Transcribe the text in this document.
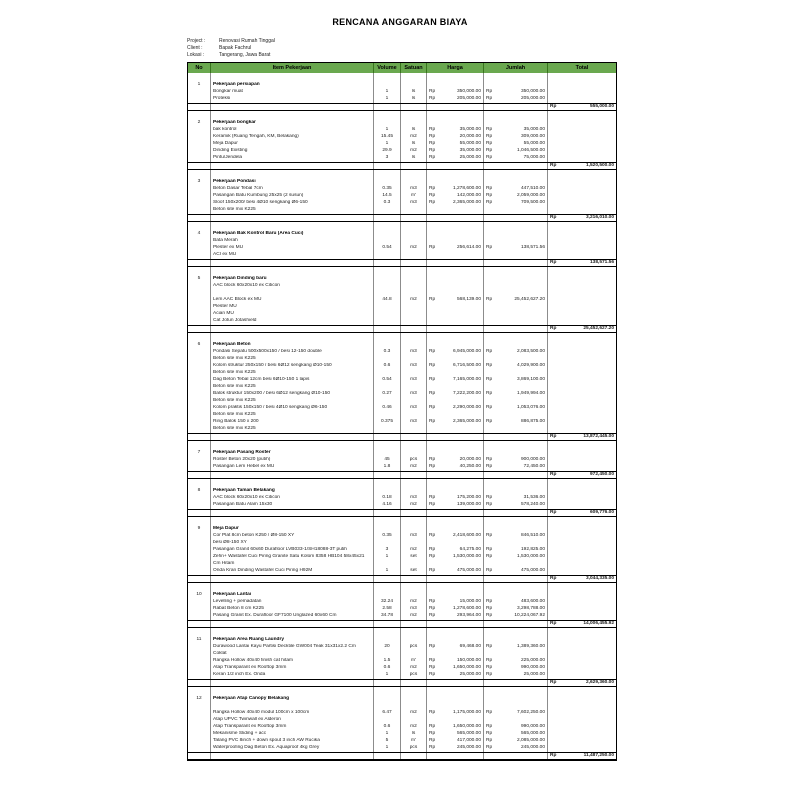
RENCANA ANGGARAN BIAYA
Project :	Renovasi Rumah Tinggal
Client :	Bapak Fachrul
Lokasi :	Tangerang, Jawa Barat
No	Item Pekerjaan	Volume	Satuan	Harga	Jumlah	Total
1	Pekerjaan persiapan
Bongkar muat	1	ls	Rp	350,000.00 Rp	350,000.00
Proteksi	1	ls	Rp	205,000.00 Rp	205,000.00
Rp	555,000.00
2	Pekerjaan bongkar
bak kontrol	1	ls	Rp	35,000.00 Rp	35,000.00
Keramik (Ruang Tengah, KM, Belakang)	15.45	m2	Rp	20,000.00 Rp	309,000.00
Meja Dapur	1	ls	Rp	55,000.00 Rp	55,000.00
Dinding Existing	29.9	m2	Rp	35,000.00 Rp	1,046,500.00
Pintu/Jendela	3	ls	Rp	25,000.00 Rp	75,000.00
Rp	1,520,500.00
3	Pekerjaan Pondasi
Beton Dasar Tebal 7cm	0.35	m3	Rp	1,278,600.00 Rp	447,510.00
Pasangan Batu Kumbung 25x25 (2 susun)	14.5	m'	Rp	142,000.00 Rp	2,059,000.00
Sloof 150x200/ besi 4Ø10 sengkang Ø6-150	0.3	m3	Rp	2,365,000.00 Rp	709,500.00
Beton site mix K225
Rp	3,216,010.00
4	Pekerjaan Bak Kontrol Baru (Area Cuci)
Bata Merah
Plester ex MU	0.54	m2	Rp	256,614.00 Rp	138,571.56
ACI ex MU
Rp	138,571.56
5	Pekerjaan Dinding baru
AAC block 60x20x10 ex Citicon
Lem AAC Block ex MU	44.8	m2	Rp	568,139.00 Rp	25,452,627.20
Plester MU
Acian MU
Cat Jotun Jotashield
Rp	25,452,627.20
6	Pekerjaan Beton
Pondasi Sepatu 500x500x150 / besi 12-150 double	0.3	m3	Rp	6,945,000.00 Rp	2,083,500.00
Beton site mix K225
Kolom struktur 250x150 / besi 6Ø12 sengkang Ø10-150	0.6	m3	Rp	6,716,500.00 Rp	4,029,900.00
Beton site mix K225
Dag Beton Tebal 12cm besi 6Ø10-150 1 lapis	0.54	m3	Rp	7,165,000.00 Rp	3,869,100.00
Beton site mix K225
Balok struktur 150x200 / besi 6Ø12 sengkang Ø10-150	0.27	m3	Rp	7,222,200.00 Rp	1,949,994.00
Beton site mix K225
Kolom praktis 150x150 / besi 4Ø10 sengkang Ø6-150	0.46	m3	Rp	2,290,000.00 Rp	1,053,076.00
Beton site mix K225
Ring Balok 150 x 200	0.375	m3	Rp	2,365,000.00 Rp	886,875.00
Beton site mix K225
Rp	13,872,445.00
7	Pekerjaan Pasang Roster
Roster Beton 20x20 (putih)	45	pcs	Rp	20,000.00 Rp	900,000.00
Pasangan Lem Hebel ex MU	1.8	m2	Rp	40,250.00 Rp	72,450.00
Rp	972,450.00
8	Pekerjaan Taman Belakang
AAC block 60x20x10 ex Citicon	0.18	m3	Rp	175,200.00 Rp	31,536.00
Pasangan Batu Alam 15x30	4.16	m2	Rp	139,000.00 Rp	578,240.00
Rp	609,776.00
9	Meja Dapur
Cor Plat 8cm beton K250 / Ø8-150 XY	0.35	m3	Rp	2,418,600.00 Rp	846,510.00
besi Ø8-150 XY
Pasangan Granit 60x60 Durafloor LVB033-1/SH18088-3T putih	3	m2	Rp	64,275.00 Rp	192,825.00
Zehn+ Wastafel Cuci Piring Granite Satu Kolom 8358 HB104 58x45x21	1	set	Rp	1,530,000.00 Rp	1,530,000.00
Cm Hitam
Onda Kran Dinding Wastafel Cuci Piring H92M	1	set	Rp	475,000.00 Rp	475,000.00
Rp	3,044,335.00
10	Pekerjaan Lantai
Levelling + pemadatan	32.24	m2	Rp	15,000.00 Rp	483,600.00
Rabat Beton 8 cm K225	2.58	m3	Rp	1,278,600.00 Rp	3,298,788.00
Pasang Granit Ex. Durafloor GF7100 Unglazed 60x60 Cm	34.78	m2	Rp	293,964.00 Rp	10,224,067.92
Rp	14,006,455.92
11	Pekerjaan Area Ruang Laundry
Durawood Lantai Kayu Partisi Decktile GW004 Teak 31x31x2.2 Cm	20	pcs	Rp	69,468.00 Rp	1,389,360.00
Coklat
Rangka Hollow 40x40 finish cat hitam	1.5	m'	Rp	150,000.00 Rp	225,000.00
Atap Transparant ex Rooftop 3mm	0.6	m2	Rp	1,650,000.00 Rp	990,000.00
Keran 1/2 inch Ex. Onda	1	pcs	Rp	25,000.00 Rp	25,000.00
Rp	2,629,360.00
12	Pekerjaan Atap Canopy Belakang
Rangka Hollow 40x40 modul 100cm x 100cm	6.47	m2	Rp	1,175,000.00 Rp	7,602,250.00
Atap UPVC Twinwall ex Alderon
Atap Transparant ex Rooftop 3mm	0.6	m2	Rp	1,650,000.00 Rp	990,000.00
Mekanisme Sliding + acc	1	ls	Rp	565,000.00 Rp	565,000.00
Talang PVC 8inch + down spout 3 inch AW Rucika	5	m'	Rp	417,000.00 Rp	2,085,000.00
Waterproofing Dag Beton Ex. Aquaproof 4kg Grey	1	pcs	Rp	245,000.00 Rp	245,000.00
Rp	11,487,250.00
